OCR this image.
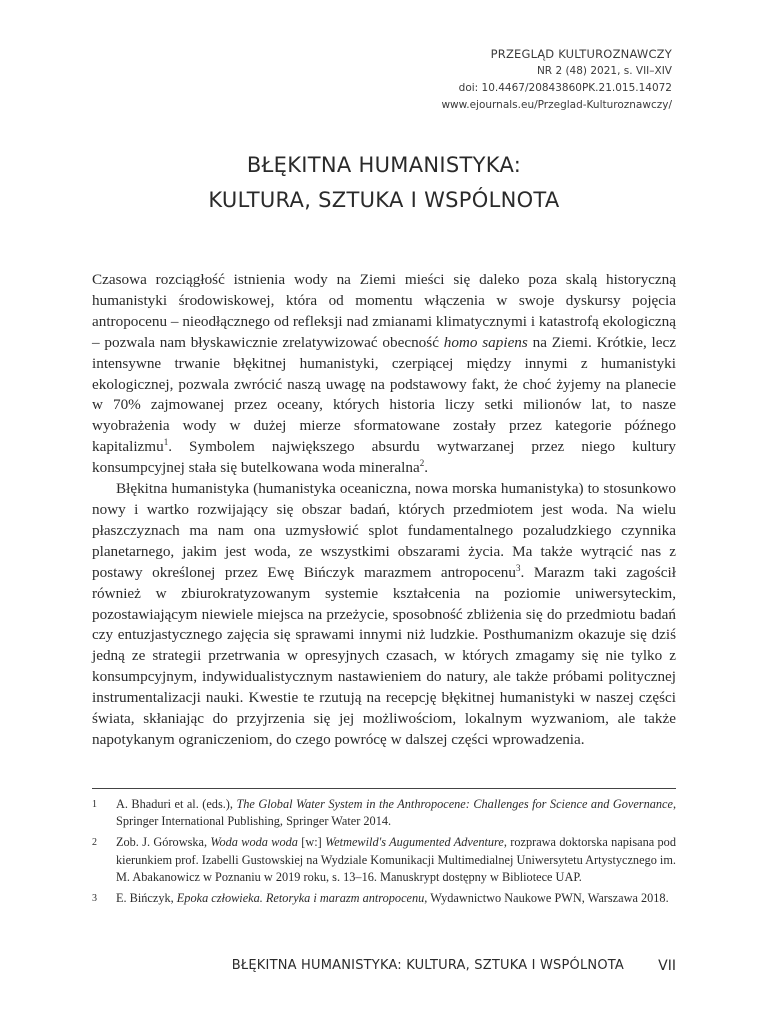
PRZEGLĄD KULTUROZNAWCZY
NR 2 (48) 2021, s. VII–XIV
doi: 10.4467/20843860PK.21.015.14072
www.ejournals.eu/Przeglad-Kulturoznawczy/
BŁĘKITNA HUMANISTYKA:
KULTURA, SZTUKA I WSPÓLNOTA

Czasowa rozciągłość istnienia wody na Ziemi mieści się daleko poza skalą historyczną humanistyki środowiskowej, która od momentu włączenia w swoje dyskursy pojęcia antropocenu – nieodłącznego od refleksji nad zmianami klimatycznymi i katastrofą ekologiczną – pozwala nam błyskawicznie zrelatywizować obecność homo sapiens na Ziemi. Krótkie, lecz intensywne trwanie błękitnej humanistyki, czerpiącej między innymi z humanistyki ekologicznej, pozwala zwrócić naszą uwagę na podstawowy fakt, że choć żyjemy na planecie w 70% zajmowanej przez oceany, których historia liczy setki milionów lat, to nasze wyobrażenia wody w dużej mierze sformatowane zostały przez kategorie późnego kapitalizmu$^1$. Symbolem największego absurdu wytwarzanej przez niego kultury konsumpcyjnej stała się butelkowana woda mineralna$^2$.

Błękitna humanistyka (humanistyka oceaniczna, nowa morska humanistyka) to stosunkowo nowy i wartko rozwijający się obszar badań, których przedmiotem jest woda. Na wielu płaszczyznach ma nam ona uzmysłowić splot fundamentalnego pozaludzkiego czynnika planetarnego, jakim jest woda, ze wszystkimi obszarami życia. Ma także wytrącić nas z postawy określonej przez Ewę Bińczyk marazmem antropocenu$^3$. Marazm taki zagościł również w zbiurokratyzowanym systemie kształcenia na poziomie uniwersyteckim, pozostawiającym niewiele miejsca na przeżycie, sposobność zbliżenia się do przedmiotu badań czy entuzjastycznego zajęcia się sprawami innymi niż ludzkie. Posthumanizm okazuje się dziś jedną ze strategii przetrwania w opresyjnych czasach, w których zmagamy się nie tylko z konsumpcyjnym, indywidualistycznym nastawieniem do natury, ale także próbami politycznej instrumentalizacji nauki. Kwestie te rzutują na recepcję błękitnej humanistyki w naszej części świata, skłaniając do przyjrzenia się jej możliwościom, lokalnym wyzwaniom, ale także napotykanym ograniczeniom, do czego powrócę w dalszej części wprowadzenia.

1 A. Bhaduri et al. (eds.), The Global Water System in the Anthropocene: Challenges for Science and Governance, Springer International Publishing, Springer Water 2014.
2 Zob. J. Górowska, Woda woda woda [w:] Wetmewild's Augumented Adventure, rozprawa doktorska napisana pod kierunkiem prof. Izabelli Gustowskiej na Wydziale Komunikacji Multimedialnej Uniwersytetu Artystycznego im. M. Abakanowicz w Poznaniu w 2019 roku, s. 13–16. Manuskrypt dostępny w Bibliotece UAP.
3 E. Bińczyk, Epoka człowieka. Retoryka i marazm antropocenu, Wydawnictwo Naukowe PWN, Warszawa 2018.
BŁĘKITNA HUMANISTYKA: KULTURA, SZTUKA I WSPÓLNOTA VII
